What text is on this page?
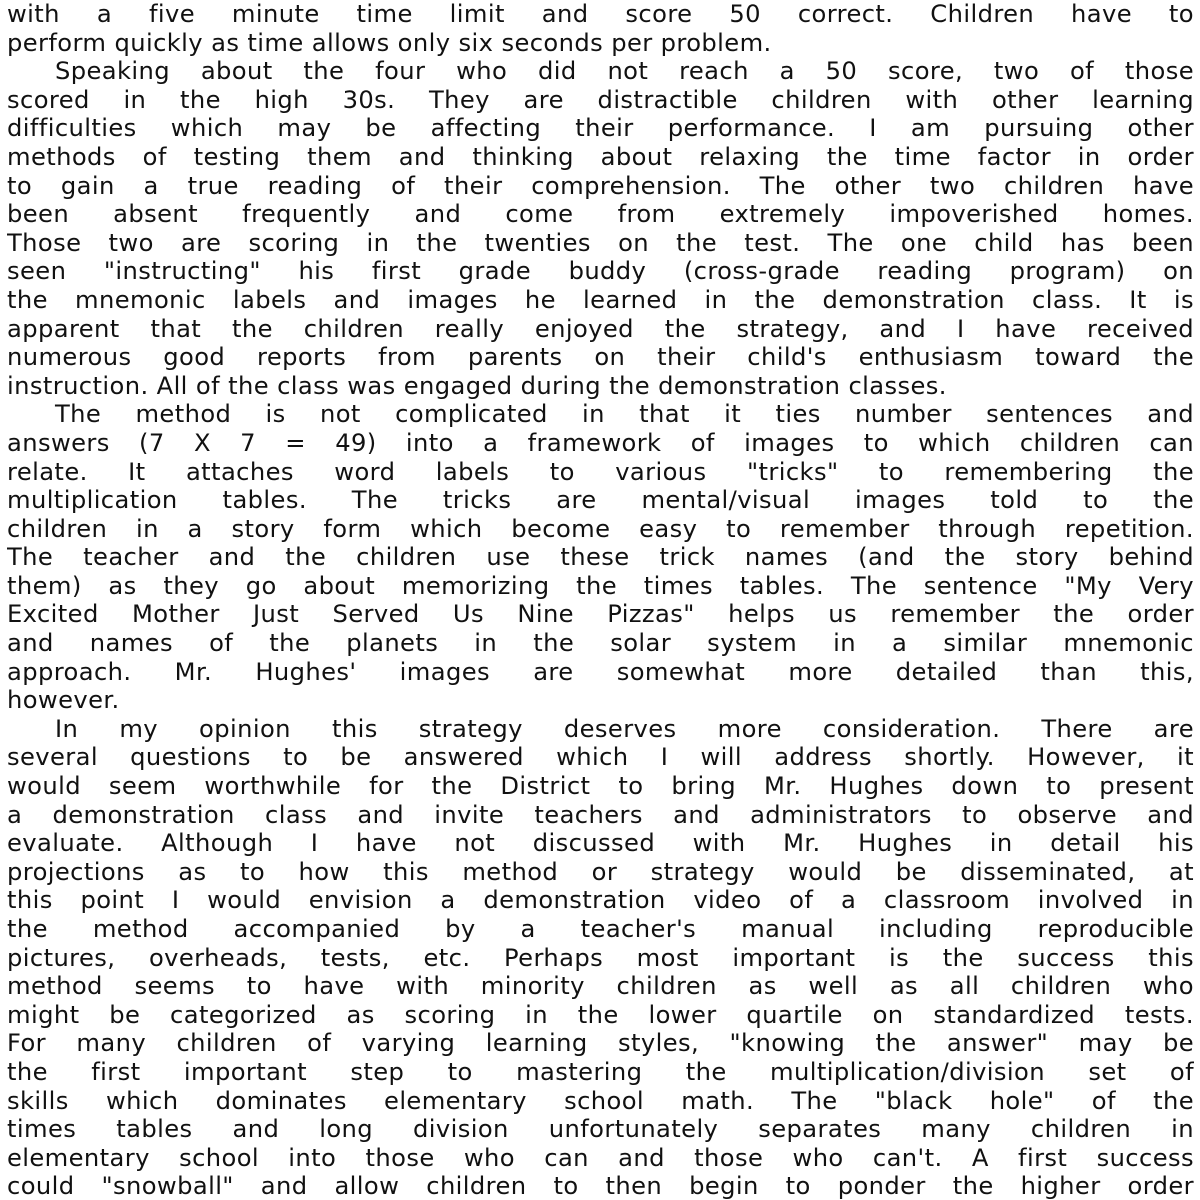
with a five minute time limit and score 50 correct. Children have to
perform quickly as time allows only six seconds per problem.
Speaking about the four who did not reach a 50 score, two of those
scored in the high 30s. They are distractible children with other learning
difficulties which may be affecting their performance. I am pursuing other
methods of testing them and thinking about relaxing the time factor in order
to gain a true reading of their comprehension. The other two children have
been absent frequently and come from extremely impoverished homes.
Those two are scoring in the twenties on the test. The one child has been
seen "instructing" his first grade buddy (cross-grade reading program) on
the mnemonic labels and images he learned in the demonstration class. It is
apparent that the children really enjoyed the strategy, and I have received
numerous good reports from parents on their child's enthusiasm toward the
instruction. All of the class was engaged during the demonstration classes.
The method is not complicated in that it ties number sentences and
answers (7 X 7 = 49) into a framework of images to which children can
relate. It attaches word labels to various "tricks" to remembering the
multiplication tables. The tricks are mental/visual images told to the
children in a story form which become easy to remember through repetition.
The teacher and the children use these trick names (and the story behind
them) as they go about memorizing the times tables. The sentence "My Very
Excited Mother Just Served Us Nine Pizzas" helps us remember the order
and names of the planets in the solar system in a similar mnemonic
approach. Mr. Hughes' images are somewhat more detailed than this,
however.
In my opinion this strategy deserves more consideration. There are
several questions to be answered which I will address shortly. However, it
would seem worthwhile for the District to bring Mr. Hughes down to present
a demonstration class and invite teachers and administrators to observe and
evaluate. Although I have not discussed with Mr. Hughes in detail his
projections as to how this method or strategy would be disseminated, at
this point I would envision a demonstration video of a classroom involved in
the method accompanied by a teacher's manual including reproducible
pictures, overheads, tests, etc. Perhaps most important is the success this
method seems to have with minority children as well as all children who
might be categorized as scoring in the lower quartile on standardized tests.
For many children of varying learning styles, "knowing the answer" may be
the first important step to mastering the multiplication/division set of
skills which dominates elementary school math. The "black hole" of the
times tables and long division unfortunately separates many children in
elementary school into those who can and those who can't. A first success
could "snowball" and allow children to then begin to ponder the higher order
